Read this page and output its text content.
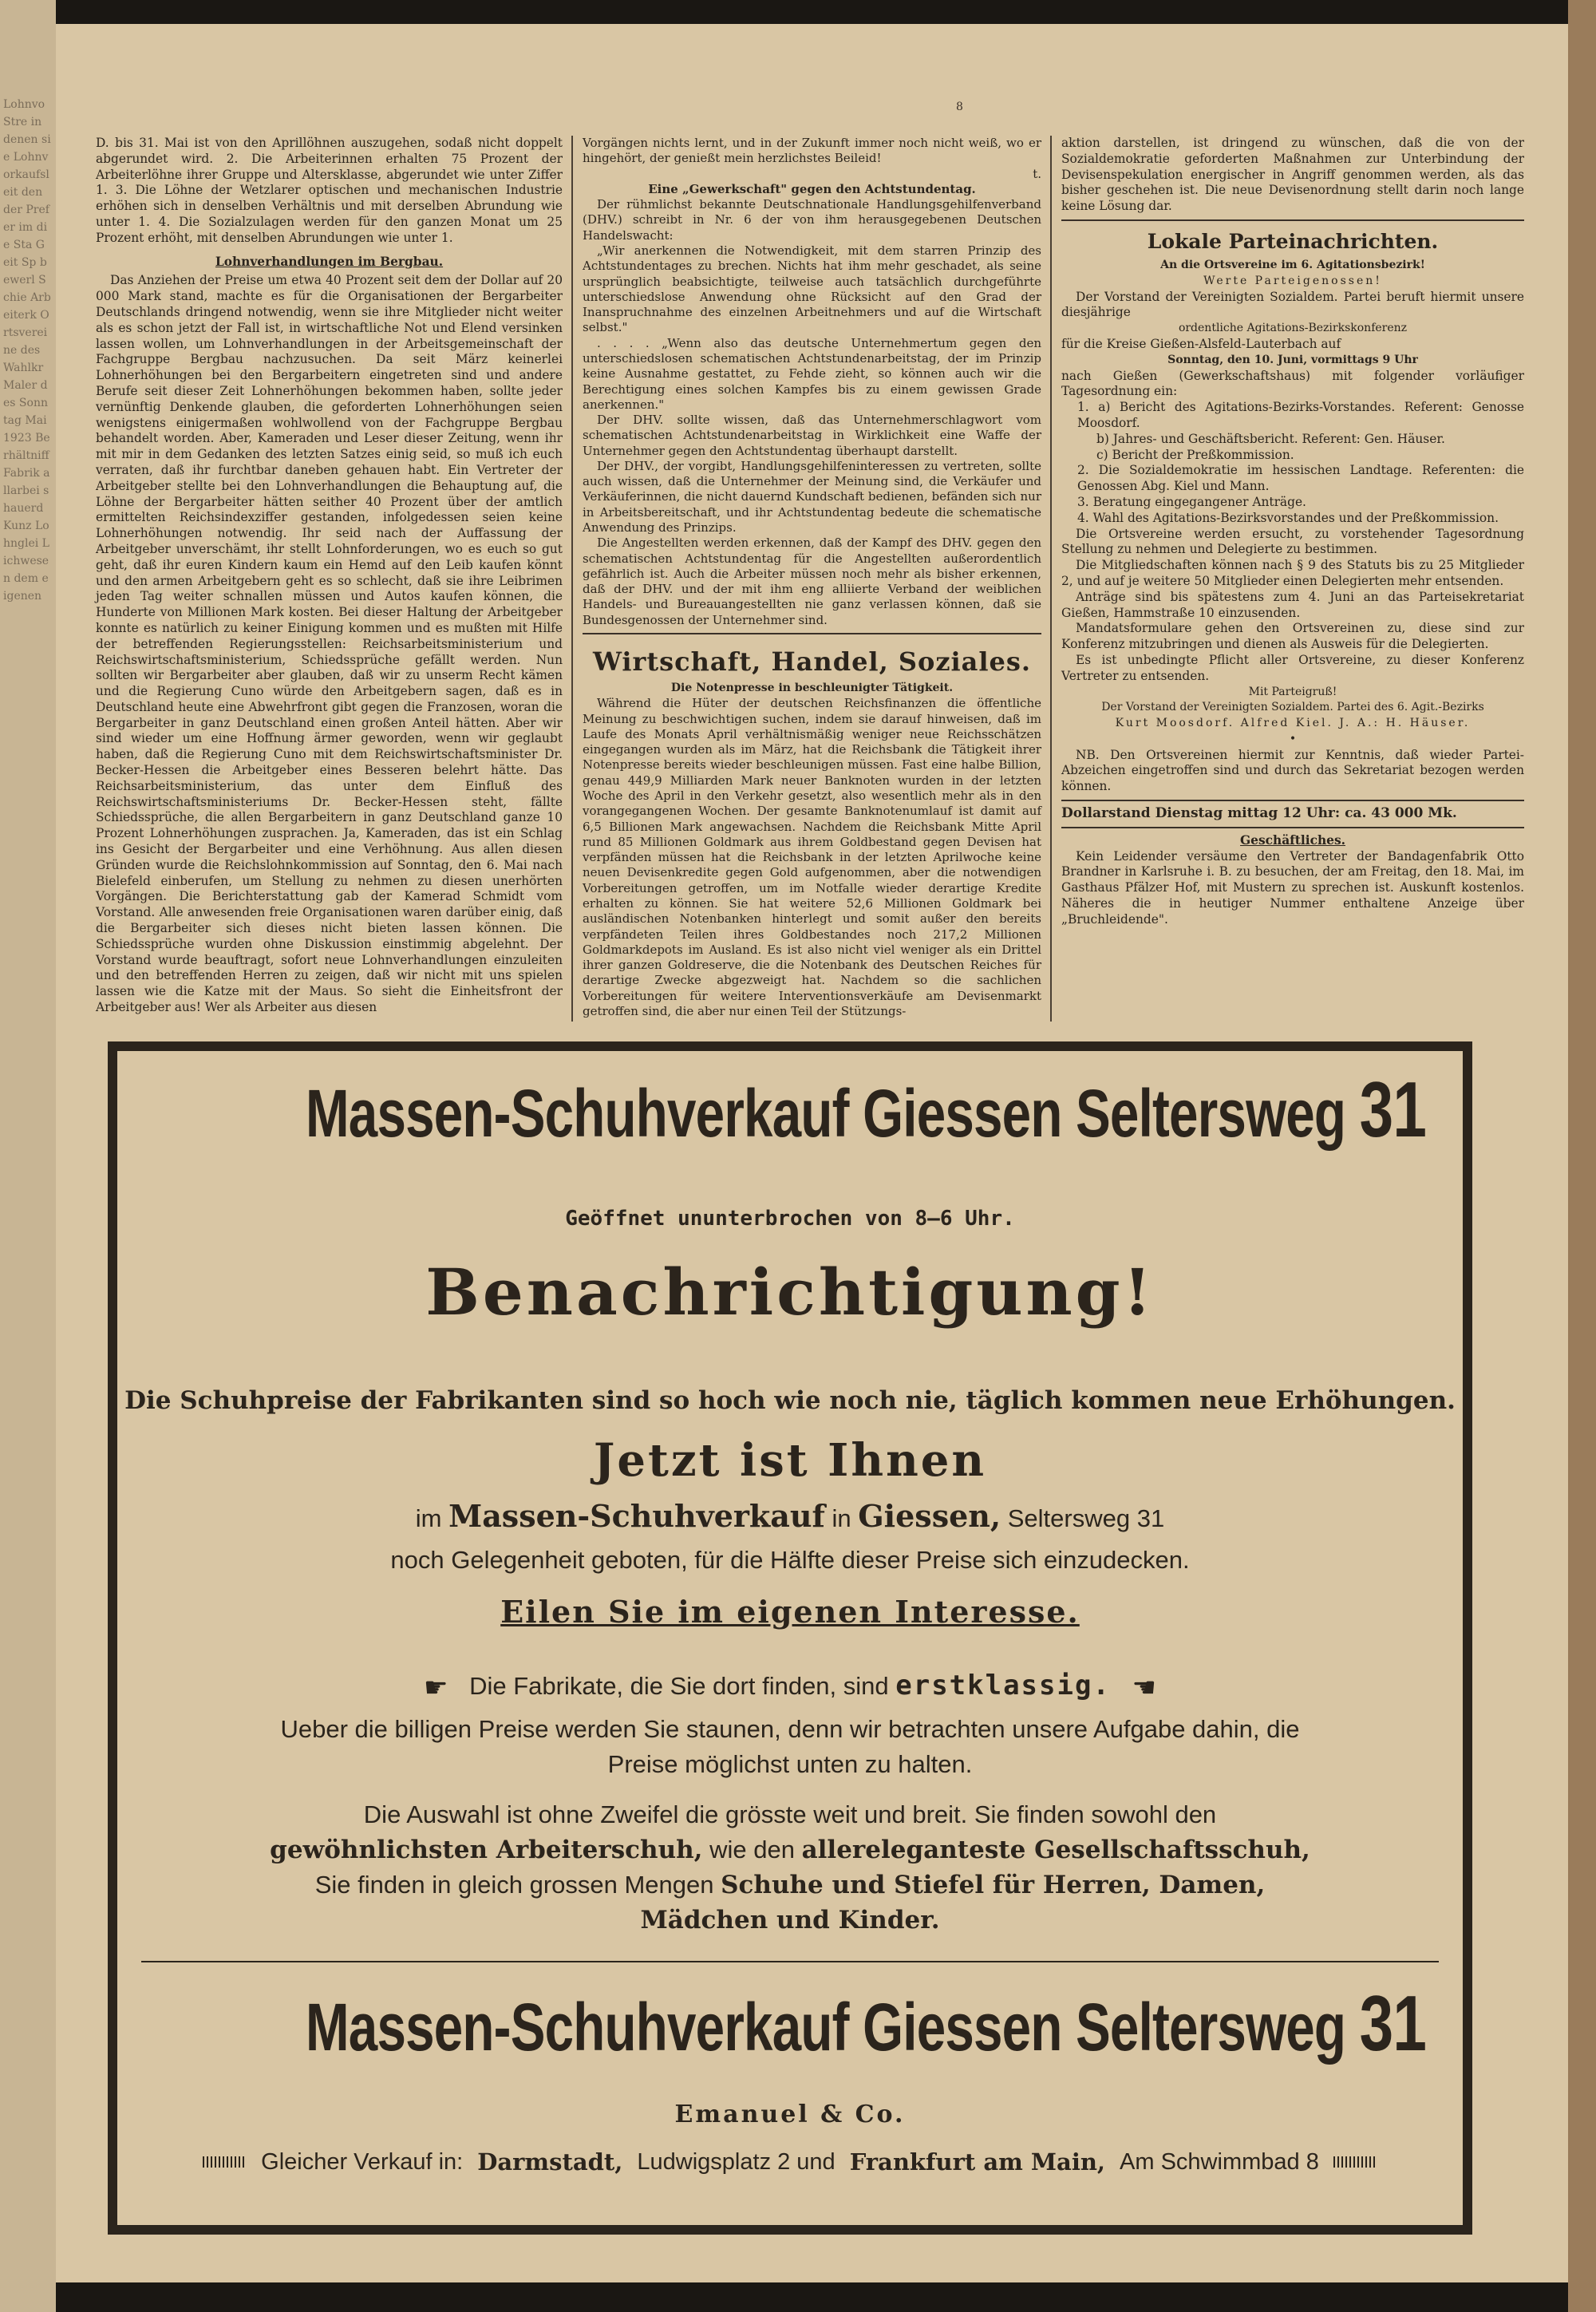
Lohnvo Stre in denen sie Lohnvorkaufsleit den der Prefer im die Sta Geit Sp bewerl Schie Arbeiterk Ortsvereine des Wahlkr Maler des Sonntag Mai 1923 Berhältniff Fabrik allarbei shauerd Kunz Lohnglei Lichwesen dem eigenen
8

D. bis 31. Mai ist von den Aprillöhnen auszugehen, sodaß nicht doppelt abgerundet wird. 2. Die Arbeiterinnen erhalten 75 Prozent der Arbeiterlöhne ihrer Gruppe und Altersklasse, abgerundet wie unter Ziffer 1. 3. Die Löhne der Wetzlarer optischen und mechanischen Industrie erhöhen sich in denselben Verhältnis und mit derselben Abrundung wie unter 1. 4. Die Sozialzulagen werden für den ganzen Monat um 25 Prozent erhöht, mit denselben Abrundungen wie unter 1.

Lohnverhandlungen im Bergbau.

Das Anziehen der Preise um etwa 40 Prozent seit dem der Dollar auf 20 000 Mark stand, machte es für die Organisationen der Bergarbeiter Deutschlands dringend notwendig, wenn sie ihre Mitglieder nicht weiter als es schon jetzt der Fall ist, in wirtschaftliche Not und Elend versinken lassen wollen, um Lohnverhandlungen in der Arbeitsgemeinschaft der Fachgruppe Bergbau nachzusuchen. Da seit März keinerlei Lohnerhöhungen bei den Bergarbeitern eingetreten sind und andere Berufe seit dieser Zeit Lohnerhöhungen bekommen haben, sollte jeder vernünftig Denkende glauben, die geforderten Lohnerhöhungen seien wenigstens einigermaßen wohlwollend von der Fachgruppe Bergbau behandelt worden. Aber, Kameraden und Leser dieser Zeitung, wenn ihr mit mir in dem Gedanken des letzten Satzes einig seid, so muß ich euch verraten, daß ihr furchtbar daneben gehauen habt. Ein Vertreter der Arbeitgeber stellte bei den Lohnverhandlungen die Behauptung auf, die Löhne der Bergarbeiter hätten seither 40 Prozent über der amtlich ermittelten Reichsindexziffer gestanden, infolgedessen seien keine Lohnerhöhungen notwendig. Ihr seid nach der Auffassung der Arbeitgeber unverschämt, ihr stellt Lohnforderungen, wo es euch so gut geht, daß ihr euren Kindern kaum ein Hemd auf den Leib kaufen könnt und den armen Arbeitgebern geht es so schlecht, daß sie ihre Leibrimen jeden Tag weiter schnallen müssen und Autos kaufen können, die Hunderte von Millionen Mark kosten. Bei dieser Haltung der Arbeitgeber konnte es natürlich zu keiner Einigung kommen und es mußten mit Hilfe der betreffenden Regierungsstellen: Reichsarbeitsministerium und Reichswirtschaftsministerium, Schiedssprüche gefällt werden. Nun sollten wir Bergarbeiter aber glauben, daß wir zu unserm Recht kämen und die Regierung Cuno würde den Arbeitgebern sagen, daß es in Deutschland heute eine Abwehrfront gibt gegen die Franzosen, woran die Bergarbeiter in ganz Deutschland einen großen Anteil hätten. Aber wir sind wieder um eine Hoffnung ärmer geworden, wenn wir geglaubt haben, daß die Regierung Cuno mit dem Reichswirtschaftsminister Dr. Becker-Hessen die Arbeitgeber eines Besseren belehrt hätte. Das Reichsarbeitsministerium, das unter dem Einfluß des Reichswirtschaftsministeriums Dr. Becker-Hessen steht, fällte Schiedssprüche, die allen Bergarbeitern in ganz Deutschland ganze 10 Prozent Lohnerhöhungen zusprachen. Ja, Kameraden, das ist ein Schlag ins Gesicht der Bergarbeiter und eine Verhöhnung. Aus allen diesen Gründen wurde die Reichslohnkommission auf Sonntag, den 6. Mai nach Bielefeld einberufen, um Stellung zu nehmen zu diesen unerhörten Vorgängen. Die Berichterstattung gab der Kamerad Schmidt vom Vorstand. Alle anwesenden freie Organisationen waren darüber einig, daß die Bergarbeiter sich dieses nicht bieten lassen können. Die Schiedssprüche wurden ohne Diskussion einstimmig abgelehnt. Der Vorstand wurde beauftragt, sofort neue Lohnverhandlungen einzuleiten und den betreffenden Herren zu zeigen, daß wir nicht mit uns spielen lassen wie die Katze mit der Maus. So sieht die Einheitsfront der Arbeitgeber aus! Wer als Arbeiter aus diesen

Vorgängen nichts lernt, und in der Zukunft immer noch nicht weiß, wo er hingehört, der genießt mein herzlichstes Beileid!

t.

Eine „Gewerkschaft" gegen den Achtstundentag.

Der rühmlichst bekannte Deutschnationale Handlungsgehilfenverband (DHV.) schreibt in Nr. 6 der von ihm herausgegebenen Deutschen Handelswacht:

„Wir anerkennen die Notwendigkeit, mit dem starren Prinzip des Achtstundentages zu brechen. Nichts hat ihm mehr geschadet, als seine ursprünglich beabsichtigte, teilweise auch tatsächlich durchgeführte unterschiedslose Anwendung ohne Rücksicht auf den Grad der Inanspruchnahme des einzelnen Arbeitnehmers und auf die Wirtschaft selbst."

. . . . „Wenn also das deutsche Unternehmertum gegen den unterschiedslosen schematischen Achtstundenarbeitstag, der im Prinzip keine Ausnahme gestattet, zu Fehde zieht, so können auch wir die Berechtigung eines solchen Kampfes bis zu einem gewissen Grade anerkennen."

Der DHV. sollte wissen, daß das Unternehmerschlagwort vom schematischen Achtstundenarbeitstag in Wirklichkeit eine Waffe der Unternehmer gegen den Achtstundentag überhaupt darstellt.

Der DHV., der vorgibt, Handlungsgehilfeninteressen zu vertreten, sollte auch wissen, daß die Unternehmer der Meinung sind, die Verkäufer und Verkäuferinnen, die nicht dauernd Kundschaft bedienen, befänden sich nur in Arbeitsbereitschaft, und ihr Achtstundentag bedeute die schematische Anwendung des Prinzips.

Die Angestellten werden erkennen, daß der Kampf des DHV. gegen den schematischen Achtstundentag für die Angestellten außerordentlich gefährlich ist. Auch die Arbeiter müssen noch mehr als bisher erkennen, daß der DHV. und der mit ihm eng alliierte Verband der weiblichen Handels- und Bureauangestellten nie ganz verlassen können, daß sie Bundesgenossen der Unternehmer sind.

Wirtschaft, Handel, Soziales.

Die Notenpresse in beschleunigter Tätigkeit.

Während die Hüter der deutschen Reichsfinanzen die öffentliche Meinung zu beschwichtigen suchen, indem sie darauf hinweisen, daß im Laufe des Monats April verhältnismäßig weniger neue Reichsschätzen eingegangen wurden als im März, hat die Reichsbank die Tätigkeit ihrer Notenpresse bereits wieder beschleunigen müssen. Fast eine halbe Billion, genau 449,9 Milliarden Mark neuer Banknoten wurden in der letzten Woche des April in den Verkehr gesetzt, also wesentlich mehr als in den vorangegangenen Wochen. Der gesamte Banknotenumlauf ist damit auf 6,5 Billionen Mark angewachsen. Nachdem die Reichsbank Mitte April rund 85 Millionen Goldmark aus ihrem Goldbestand gegen Devisen hat verpfänden müssen hat die Reichsbank in der letzten Aprilwoche keine neuen Devisenkredite gegen Gold aufgenommen, aber die notwendigen Vorbereitungen getroffen, um im Notfalle wieder derartige Kredite erhalten zu können. Sie hat weitere 52,6 Millionen Goldmark bei ausländischen Notenbanken hinterlegt und somit außer den bereits verpfändeten Teilen ihres Goldbestandes noch 217,2 Millionen Goldmarkdepots im Ausland. Es ist also nicht viel weniger als ein Drittel ihrer ganzen Goldreserve, die die Notenbank des Deutschen Reiches für derartige Zwecke abgezweigt hat. Nachdem so die sachlichen Vorbereitungen für weitere Interventionsverkäufe am Devisenmarkt getroffen sind, die aber nur einen Teil der Stützungs-

aktion darstellen, ist dringend zu wünschen, daß die von der Sozialdemokratie geforderten Maßnahmen zur Unterbindung der Devisenspekulation energischer in Angriff genommen werden, als das bisher geschehen ist. Die neue Devisenordnung stellt darin noch lange keine Lösung dar.

Lokale Parteinachrichten.

An die Ortsvereine im 6. Agitationsbezirk!

Werte Parteigenossen!

Der Vorstand der Vereinigten Sozialdem. Partei beruft hiermit unsere diesjährige

ordentliche Agitations-Bezirkskonferenz

für die Kreise Gießen-Alsfeld-Lauterbach auf

Sonntag, den 10. Juni, vormittags 9 Uhr

nach Gießen (Gewerkschaftshaus) mit folgender vorläufiger Tagesordnung ein:

1. a) Bericht des Agitations-Bezirks-Vorstandes. Referent: Genosse Moosdorf.

b) Jahres- und Geschäftsbericht. Referent: Gen. Häuser.

c) Bericht der Preßkommission.

2. Die Sozialdemokratie im hessischen Landtage. Referenten: die Genossen Abg. Kiel und Mann.

3. Beratung eingegangener Anträge.

4. Wahl des Agitations-Bezirksvorstandes und der Preßkommission.

Die Ortsvereine werden ersucht, zu vorstehender Tagesordnung Stellung zu nehmen und Delegierte zu bestimmen.

Die Mitgliedschaften können nach § 9 des Statuts bis zu 25 Mitglieder 2, und auf je weitere 50 Mitglieder einen Delegierten mehr entsenden.

Anträge sind bis spätestens zum 4. Juni an das Parteisekretariat Gießen, Hammstraße 10 einzusenden.

Mandatsformulare gehen den Ortsvereinen zu, diese sind zur Konferenz mitzubringen und dienen als Ausweis für die Delegierten.

Es ist unbedingte Pflicht aller Ortsvereine, zu dieser Konferenz Vertreter zu entsenden.

Mit Parteigruß!

Der Vorstand der Vereinigten Sozialdem. Partei des 6. Agit.-Bezirks

Kurt Moosdorf. Alfred Kiel. J. A.: H. Häuser.

•

NB. Den Ortsvereinen hiermit zur Kenntnis, daß wieder Partei-Abzeichen eingetroffen sind und durch das Sekretariat bezogen werden können.

Dollarstand Dienstag mittag 12 Uhr: ca. 43 000 Mk.

Geschäftliches.

Kein Leidender versäume den Vertreter der Bandagenfabrik Otto Brandner in Karlsruhe i. B. zu besuchen, der am Freitag, den 18. Mai, im Gasthaus Pfälzer Hof, mit Mustern zu sprechen ist. Auskunft kostenlos. Näheres die in heutiger Nummer enthaltene Anzeige über „Bruchleidende".

Massen-Schuhverkauf Giessen Seltersweg 31
Geöffnet ununterbrochen von 8—6 Uhr.
Benachrichtigung!
Die Schuhpreise der Fabrikanten sind so hoch wie noch nie, täglich kommen neue Erhöhungen.
Jetzt ist Ihnen
im Massen-Schuhverkauf in Giessen, Seltersweg 31
noch Gelegenheit geboten, für die Hälfte dieser Preise sich einzudecken.
Eilen Sie im eigenen Interesse.
☛ Die Fabrikate, die Sie dort finden, sind erstklassig. ☚
Ueber die billigen Preise werden Sie staunen, denn wir betrachten unsere Aufgabe dahin, die Preise möglichst unten zu halten.
Die Auswahl ist ohne Zweifel die grösste weit und breit. Sie finden sowohl den gewöhnlichsten Arbeiterschuh, wie den allereleganteste Gesellschaftsschuh, Sie finden in gleich grossen Mengen Schuhe und Stiefel für Herren, Damen, Mädchen und Kinder.
Massen-Schuhverkauf Giessen Seltersweg 31
Emanuel & Co.
Gleicher Verkauf in: Darmstadt, Ludwigsplatz 2 und Frankfurt am Main, Am Schwimmbad 8
